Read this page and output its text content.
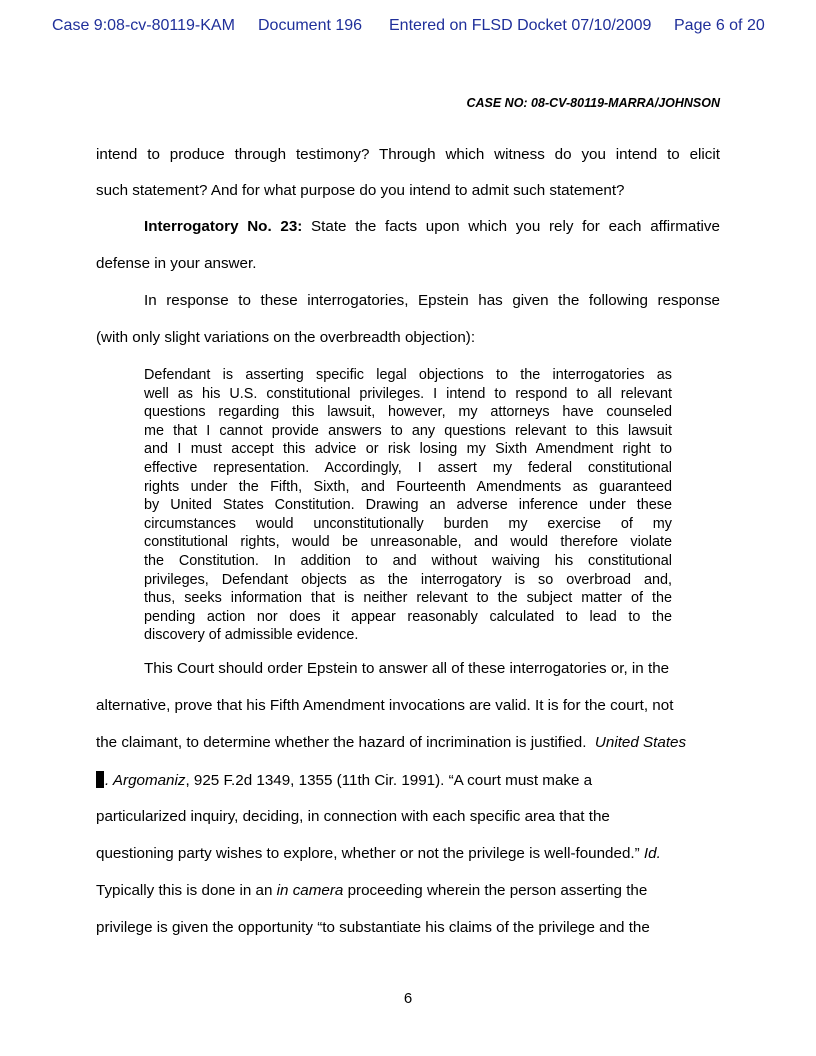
Case 9:08-cv-80119-KAM Document 196 Entered on FLSD Docket 07/10/2009 Page 6 of 20
CASE NO: 08-CV-80119-MARRA/JOHNSON
intend to produce through testimony? Through which witness do you intend to elicit
such statement? And for what purpose do you intend to admit such statement?
Interrogatory No. 23: State the facts upon which you rely for each affirmative
defense in your answer.
In response to these interrogatories, Epstein has given the following response
(with only slight variations on the overbreadth objection):
Defendant is asserting specific legal objections to the interrogatories as
well as his U.S. constitutional privileges. I intend to respond to all relevant
questions regarding this lawsuit, however, my attorneys have counseled
me that I cannot provide answers to any questions relevant to this lawsuit
and I must accept this advice or risk losing my Sixth Amendment right to
effective representation. Accordingly, I assert my federal constitutional
rights under the Fifth, Sixth, and Fourteenth Amendments as guaranteed
by United States Constitution. Drawing an adverse inference under these
circumstances would unconstitutionally burden my exercise of my
constitutional rights, would be unreasonable, and would therefore violate
the Constitution. In addition to and without waiving his constitutional
privileges, Defendant objects as the interrogatory is so overbroad and,
thus, seeks information that is neither relevant to the subject matter of the
pending action nor does it appear reasonably calculated to lead to the
discovery of admissible evidence.
This Court should order Epstein to answer all of these interrogatories or, in the
alternative, prove that his Fifth Amendment invocations are valid. It is for the court, not
the claimant, to determine whether the hazard of incrimination is justified. United States
. Argomaniz, 925 F.2d 1349, 1355 (11th Cir. 1991). “A court must make a
particularized inquiry, deciding, in connection with each specific area that the
questioning party wishes to explore, whether or not the privilege is well-founded.” Id.
Typically this is done in an in camera proceeding wherein the person asserting the
privilege is given the opportunity “to substantiate his claims of the privilege and the
6
